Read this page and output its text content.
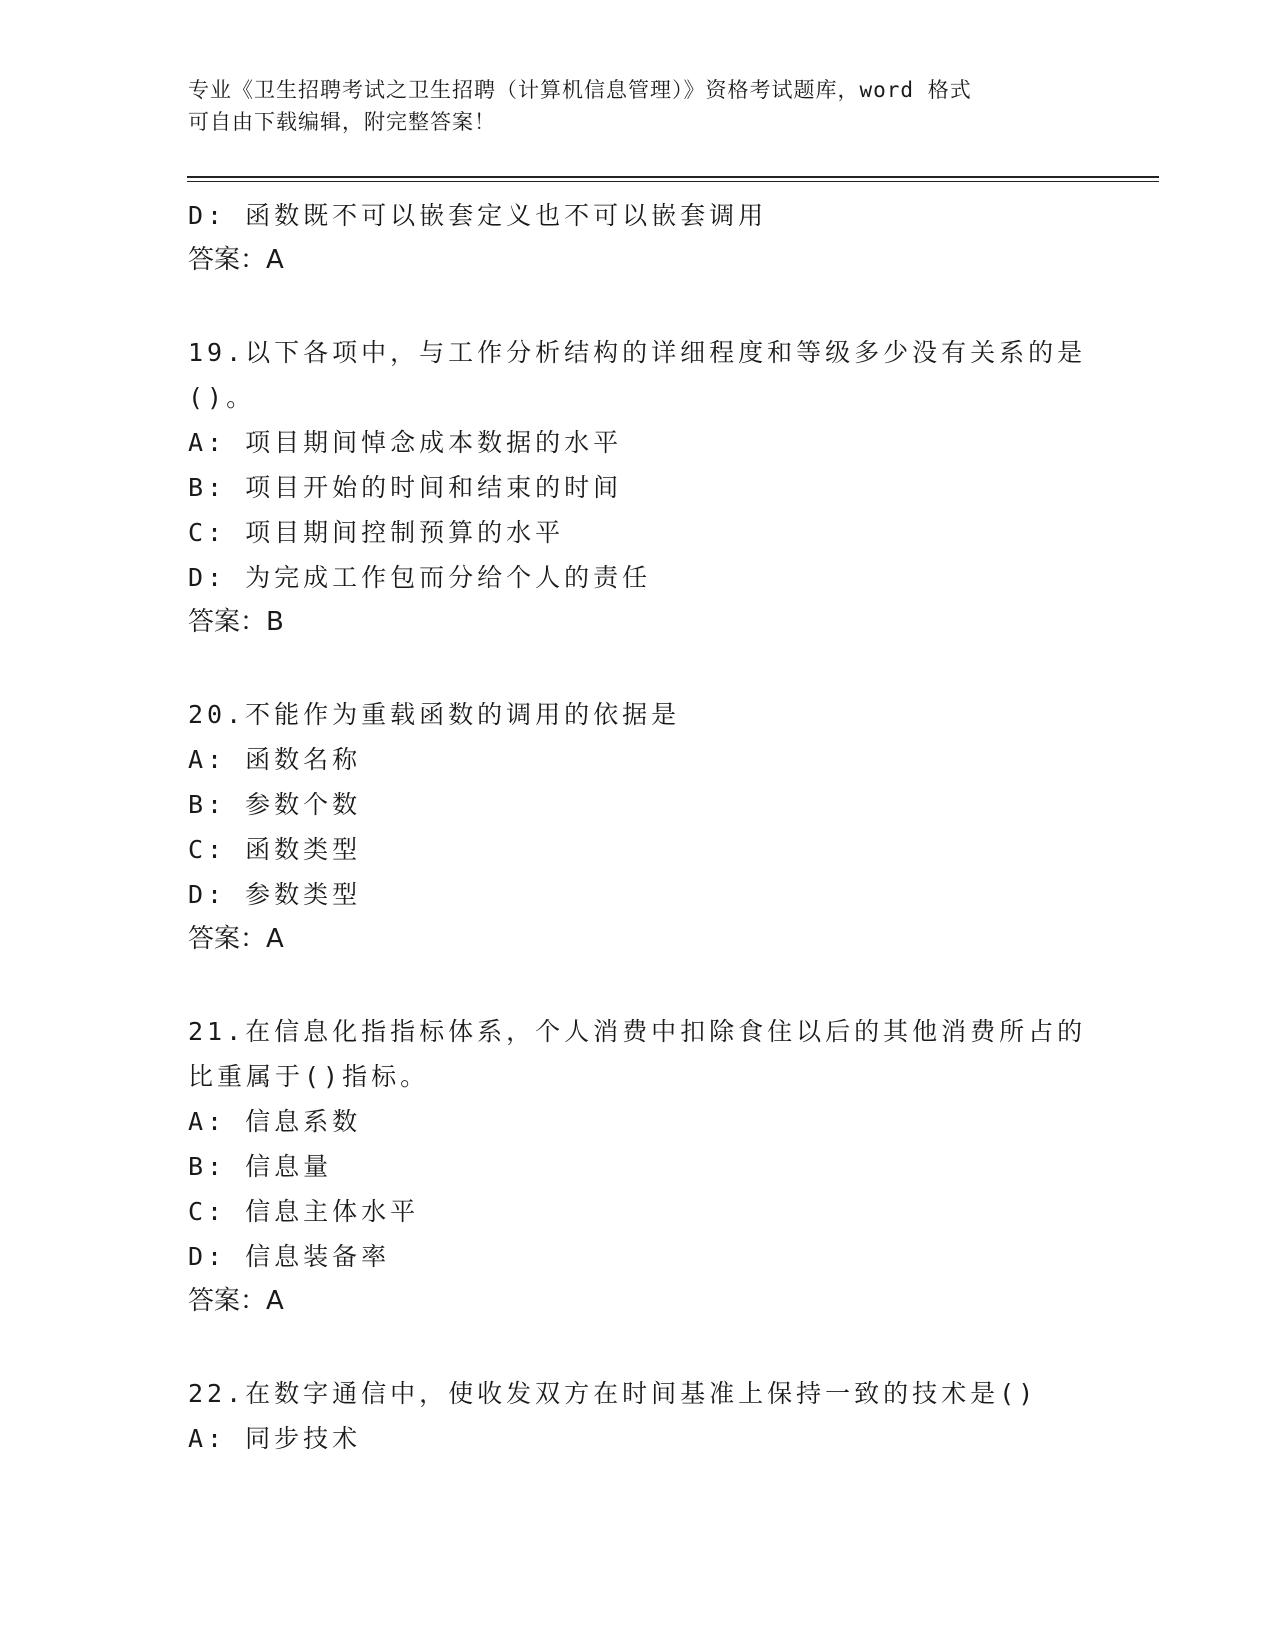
专业《卫生招聘考试之卫生招聘（计算机信息管理）》资格考试题库，word 格式

可自由下载编辑，附完整答案！

D: 函数既不可以嵌套定义也不可以嵌套调用
答案：A
19.以下各项中，与工作分析结构的详细程度和等级多少没有关系的是
()。
A: 项目期间悼念成本数据的水平
B: 项目开始的时间和结束的时间
C: 项目期间控制预算的水平
D: 为完成工作包而分给个人的责任
答案：B
20.不能作为重载函数的调用的依据是
A: 函数名称
B: 参数个数
C: 函数类型
D: 参数类型
答案：A
21.在信息化指指标体系，个人消费中扣除食住以后的其他消费所占的
比重属于()指标。
A: 信息系数
B: 信息量
C: 信息主体水平
D: 信息装备率
答案：A
22.在数字通信中，使收发双方在时间基准上保持一致的技术是()
A: 同步技术
